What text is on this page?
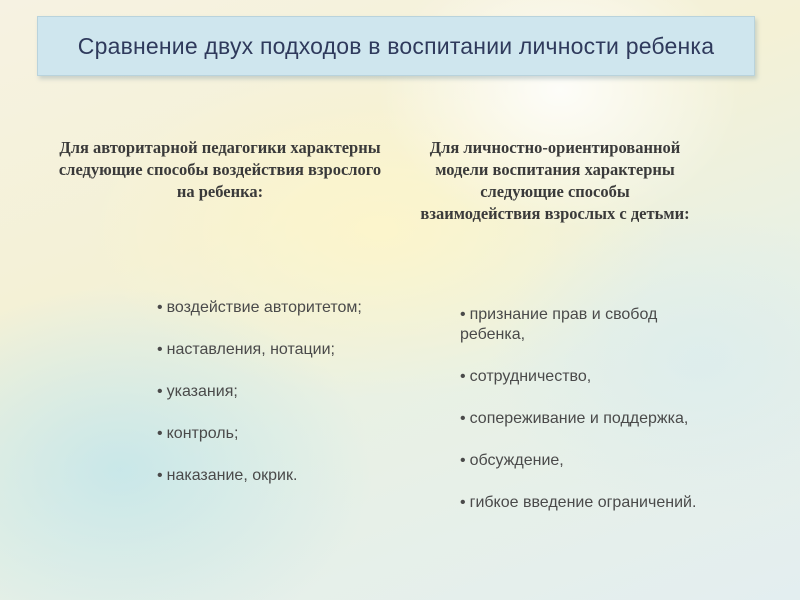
Сравнение двух подходов в воспитании личности ребенка
Для авторитарной педагогики характерны следующие способы воздействия взрослого на ребенка:
Для личностно-ориентированной модели воспитания характерны следующие способы взаимодействия взрослых с детьми:
• воздействие авторитетом;
• наставления, нотации;
• указания;
• контроль;
• наказание, окрик.
• признание прав и свобод ребенка,
• сотрудничество,
• сопереживание и поддержка,
• обсуждение,
• гибкое введение ограничений.
